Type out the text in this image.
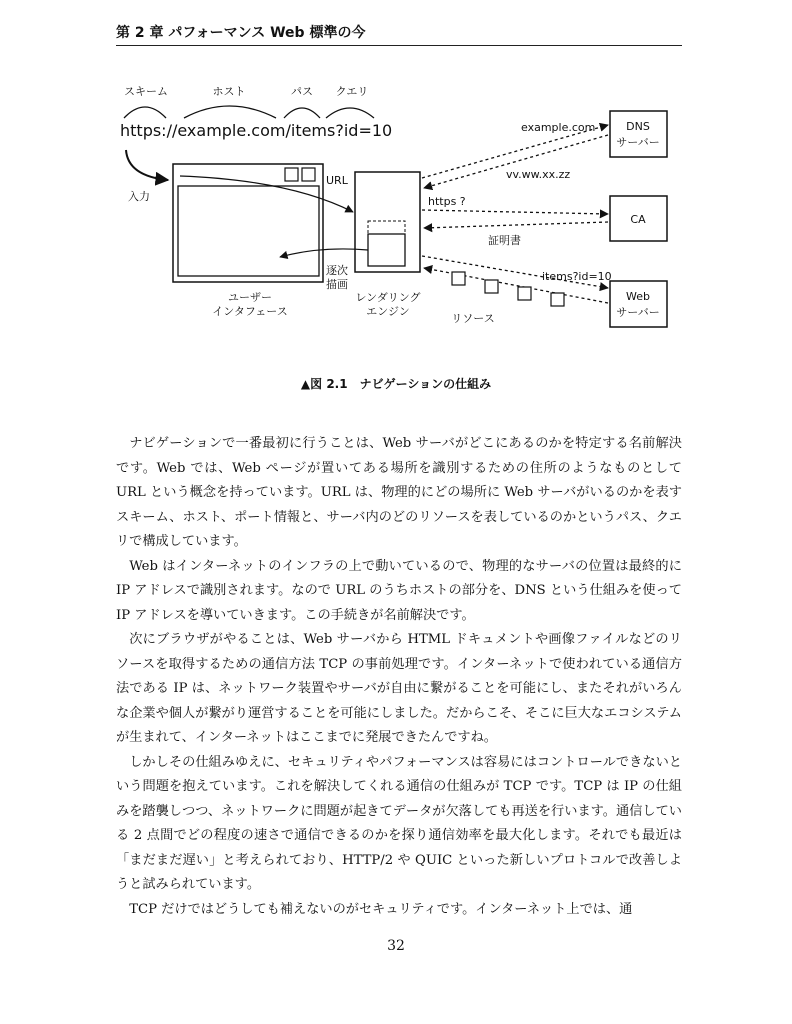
第 2 章 パフォーマンス Web 標準の今
スキーム	ホスト	パス クエリ
https://example.com/items?id=10
入力
ユーザー
インタフェース
URL
逐次
描画
レンダリング
エンジン
DNS
サーバー
example.com
vv.ww.xx.zz
CA
https ?
証明書
Web
サーバー
items?id=10
リソース
▲図 2.1　ナビゲーションの仕組み

ナビゲーションで一番最初に行うことは、Web サーバがどこにあるのかを特定する名前解決です。Web では、Web ページが置いてある場所を識別するための住所のようなものとして URL という概念を持っています。URL は、物理的にどの場所に Web サーバがいるのかを表すスキーム、ホスト、ポート情報と、サーバ内のどのリソースを表しているのかというパス、クエリで構成しています。

Web はインターネットのインフラの上で動いているので、物理的なサーバの位置は最終的に IP アドレスで識別されます。なので URL のうちホストの部分を、DNS という仕組みを使って IP アドレスを導いていきます。この手続きが名前解決です。

次にブラウザがやることは、Web サーバから HTML ドキュメントや画像ファイルなどのリソースを取得するための通信方法 TCP の事前処理です。インターネットで使われている通信方法である IP は、ネットワーク装置やサーバが自由に繋がることを可能にし、またそれがいろんな企業や個人が繋がり運営することを可能にしました。だからこそ、そこに巨大なエコシステムが生まれて、インターネットはここまでに発展できたんですね。

しかしその仕組みゆえに、セキュリティやパフォーマンスは容易にはコントロールできないという問題を抱えています。これを解決してくれる通信の仕組みが TCP です。TCP は IP の仕組みを踏襲しつつ、ネットワークに問題が起きてデータが欠落しても再送を行います。通信している 2 点間でどの程度の速さで通信できるのかを探り通信効率を最大化します。それでも最近は「まだまだ遅い」と考えられており、HTTP/2 や QUIC といった新しいプロトコルで改善しようと試みられています。

TCP だけではどうしても補えないのがセキュリティです。インターネット上では、通

32
